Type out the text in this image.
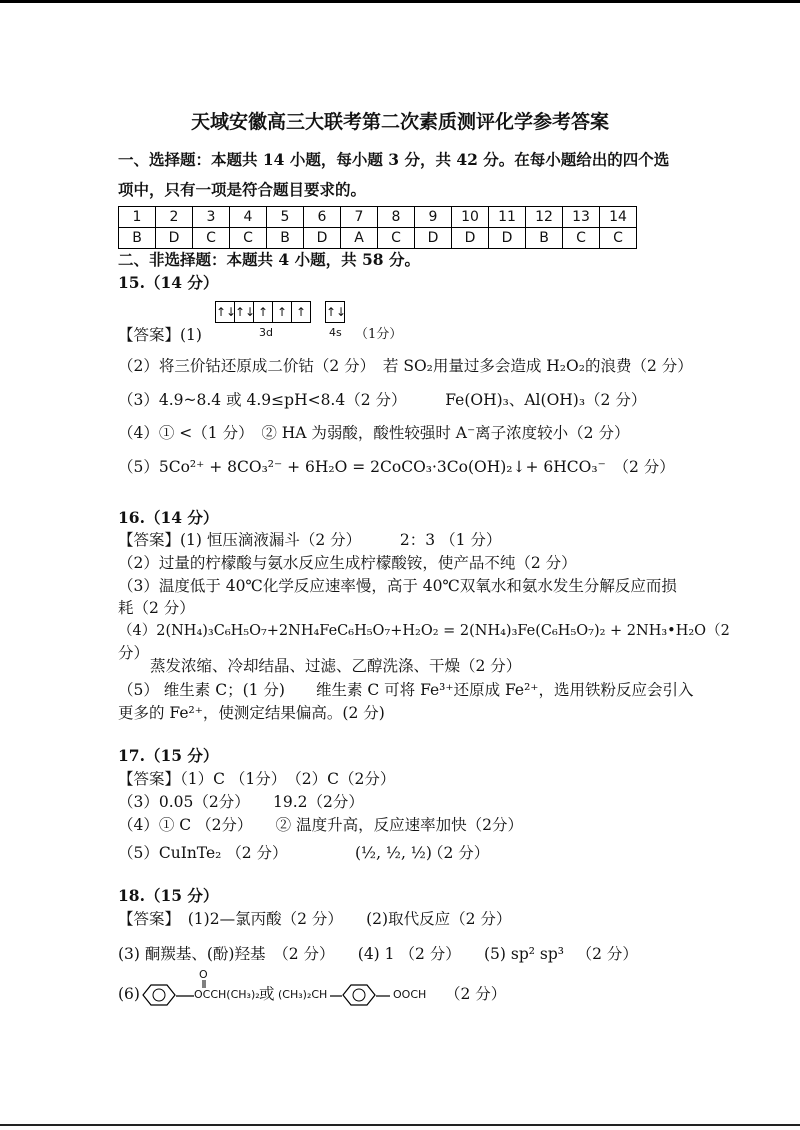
天域安徽高三大联考第二次素质测评化学参考答案
一、选择题：本题共 14 小题，每小题 3 分，共 42 分。在每小题给出的四个选
项中，只有一项是符合题目要求的。
1	2	3	4	5	6	7	8	9	10	11	12	13	14
B	D	C	C	B	D	A	C	D	D	D	B	C	C
二、非选择题：本题共 4 小题，共 58 分。
15.（14 分）
↑↓
↑↓ ↑ ↑ ↑	↑↓
3d	4s
【答案】(1)	（1分）
（2）将三价钴还原成二价钴（2 分）　若 SO₂用量过多会造成 H₂O₂的浪费（2 分）
（3）4.9~8.4 或 4.9≤pH<8.4（2 分）　　　Fe(OH)₃、Al(OH)₃（2 分）
（4）① <（1 分）　② HA 为弱酸，酸性较强时 A⁻离子浓度较小（2 分）
（5）5Co²⁺ + 8CO₃²⁻ + 6H₂O = 2CoCO₃·3Co(OH)₂↓+ 6HCO₃⁻　（2 分）
16.（14 分）
【答案】(1) 恒压滴液漏斗（2 分）　　　2：3 （1 分）
（2）过量的柠檬酸与氨水反应生成柠檬酸铵，使产品不纯（2 分）
（3）温度低于 40℃化学反应速率慢，高于 40℃双氧水和氨水发生分解反应而损
耗（2 分）
（4）2(NH₄)₃C₆H₅O₇+2NH₄FeC₆H₅O₇+H₂O₂ = 2(NH₄)₃Fe(C₆H₅O₇)₂ + 2NH₃•H₂O（2
分）
蒸发浓缩、冷却结晶、过滤、乙醇洗涤、干燥（2 分）
（5） 维生素 C；(1 分)　　维生素 C 可将 Fe³⁺还原成 Fe²⁺，选用铁粉反应会引入
更多的 Fe²⁺，使测定结果偏高。(2 分)
17.（15 分）
【答案】（1）C （1分）　（2）C（2分）
（3）0.05（2分）　　19.2（2分）
（4）① C （2分）　　② 温度升高，反应速率加快（2分）
（5）CuInTe₂ （2 分）	(½, ½, ½)
（2 分）
18.（15 分）
【答案】　(1)2—氯丙酸（2 分）　　(2)取代反应（2 分）
(3) 酮羰基、(酚)羟基　（2 分）　　(4) 1 （2 分）　　(5) sp² sp³ 　（2 分）
(6)
O
OCCH(CH₃)₂ 或 (CH₃)₂CH	OOCH （2 分）
